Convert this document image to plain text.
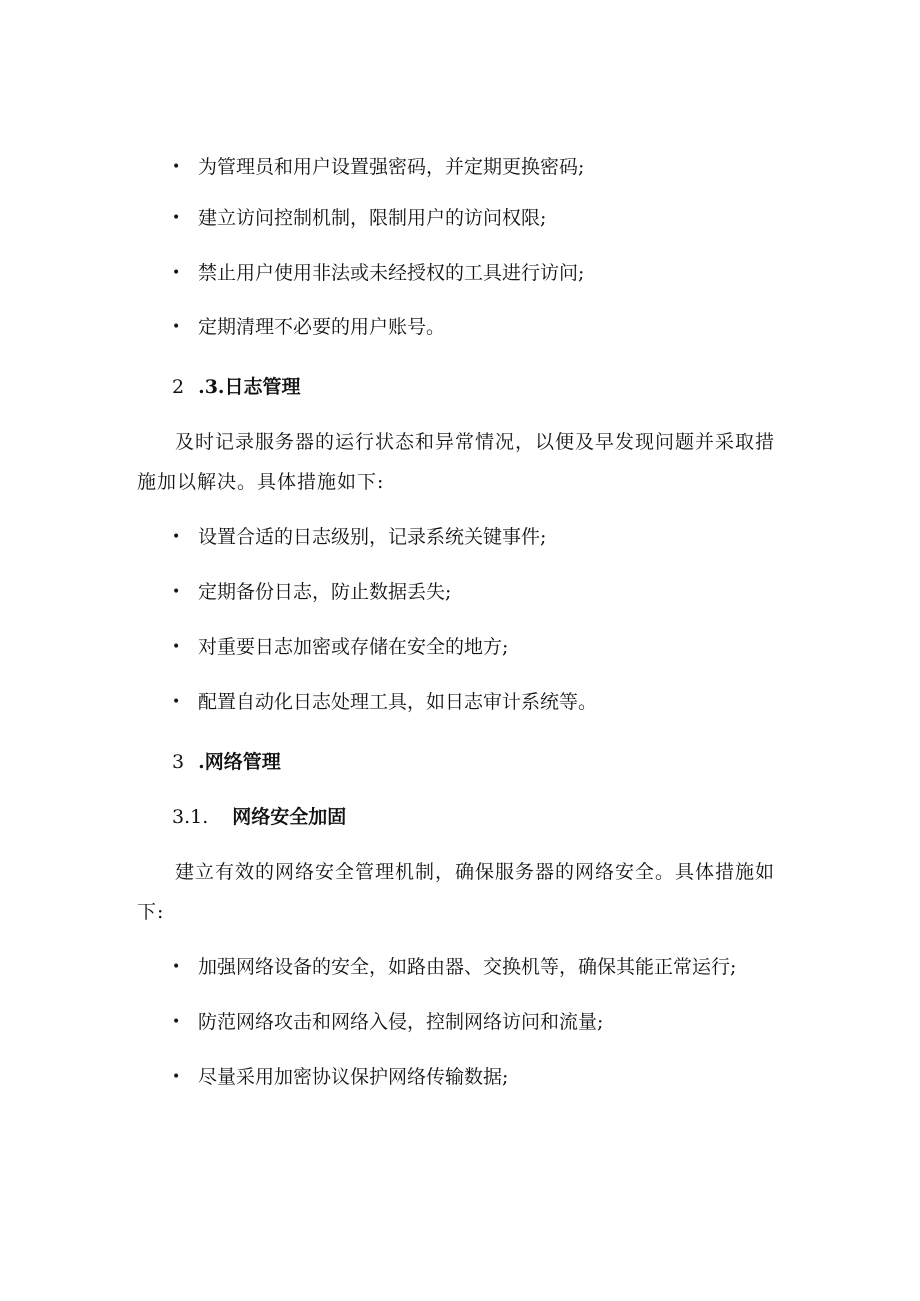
• 为管理员和用户设置强密码，并定期更换密码;
• 建立访问控制机制，限制用户的访问权限;
• 禁止用户使用非法或未经授权的工具进行访问;
• 定期清理不必要的用户账号。
2 .3.日志管理
及时记录服务器的运行状态和异常情况，以便及早发现问题并采取措施加以解决。具体措施如下:
• 设置合适的日志级别，记录系统关键事件;
• 定期备份日志，防止数据丢失;
• 对重要日志加密或存储在安全的地方;
• 配置自动化日志处理工具，如日志审计系统等。
3 .网络管理
3.1. 网络安全加固
建立有效的网络安全管理机制，确保服务器的网络安全。具体措施如下:
• 加强网络设备的安全，如路由器、交换机等，确保其能正常运行;
• 防范网络攻击和网络入侵，控制网络访问和流量;
• 尽量采用加密协议保护网络传输数据;
